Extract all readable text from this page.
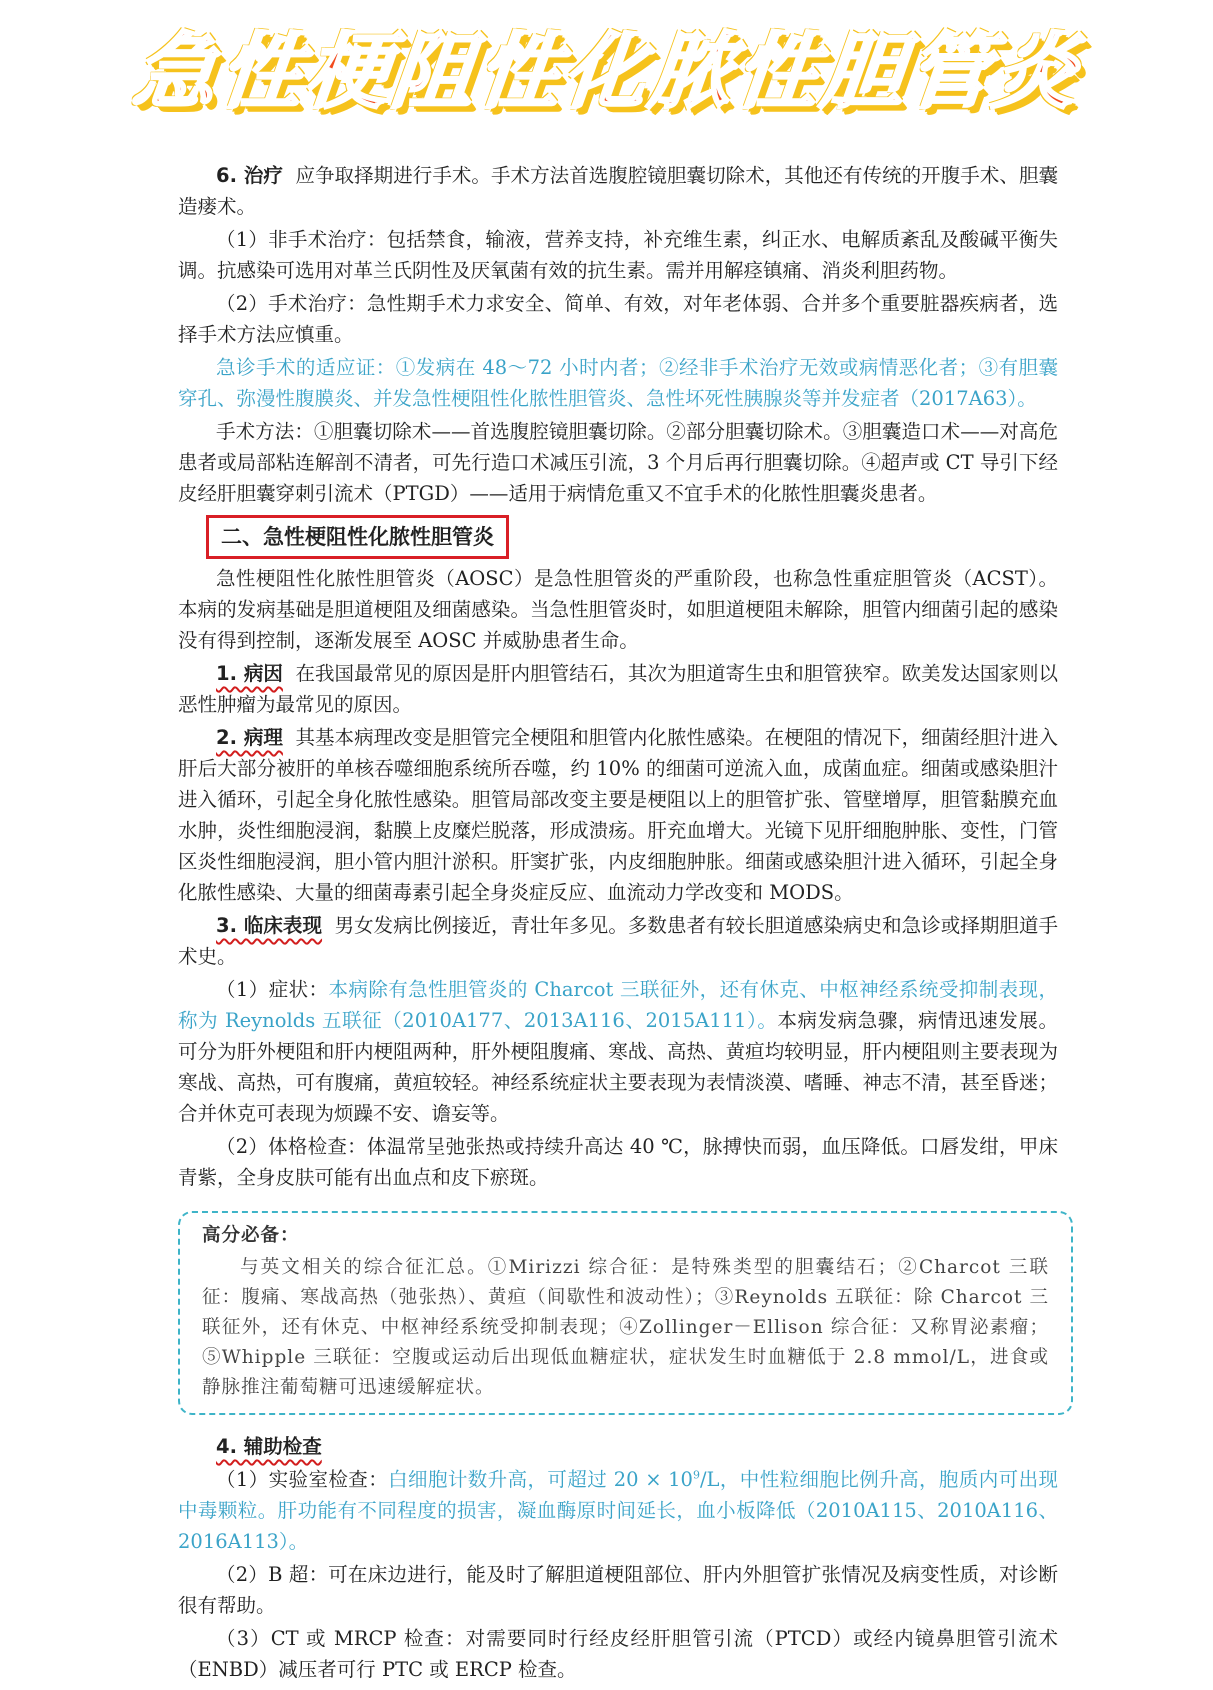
急性梗阻性化脓性胆管炎

6. 治疗 应争取择期进行手术。手术方法首选腹腔镜胆囊切除术，其他还有传统的开腹手术、胆囊造瘘术。

（1）非手术治疗：包括禁食，输液，营养支持，补充维生素，纠正水、电解质紊乱及酸碱平衡失调。抗感染可选用对革兰氏阴性及厌氧菌有效的抗生素。需并用解痉镇痛、消炎利胆药物。

（2）手术治疗：急性期手术力求安全、简单、有效，对年老体弱、合并多个重要脏器疾病者，选择手术方法应慎重。

急诊手术的适应证：①发病在 48～72 小时内者；②经非手术治疗无效或病情恶化者；③有胆囊穿孔、弥漫性腹膜炎、并发急性梗阻性化脓性胆管炎、急性坏死性胰腺炎等并发症者（2017A63）。

手术方法：①胆囊切除术——首选腹腔镜胆囊切除。②部分胆囊切除术。③胆囊造口术——对高危患者或局部粘连解剖不清者，可先行造口术减压引流，3 个月后再行胆囊切除。④超声或 CT 导引下经皮经肝胆囊穿刺引流术（PTGD）——适用于病情危重又不宜手术的化脓性胆囊炎患者。

二、急性梗阻性化脓性胆管炎

急性梗阻性化脓性胆管炎（AOSC）是急性胆管炎的严重阶段，也称急性重症胆管炎（ACST）。本病的发病基础是胆道梗阻及细菌感染。当急性胆管炎时，如胆道梗阻未解除，胆管内细菌引起的感染没有得到控制，逐渐发展至 AOSC 并威胁患者生命。

1. 病因 在我国最常见的原因是肝内胆管结石，其次为胆道寄生虫和胆管狭窄。欧美发达国家则以恶性肿瘤为最常见的原因。

2. 病理 其基本病理改变是胆管完全梗阻和胆管内化脓性感染。在梗阻的情况下，细菌经胆汁进入肝后大部分被肝的单核吞噬细胞系统所吞噬，约 10% 的细菌可逆流入血，成菌血症。细菌或感染胆汁进入循环，引起全身化脓性感染。胆管局部改变主要是梗阻以上的胆管扩张、管壁增厚，胆管黏膜充血水肿，炎性细胞浸润，黏膜上皮糜烂脱落，形成溃疡。肝充血增大。光镜下见肝细胞肿胀、变性，门管区炎性细胞浸润，胆小管内胆汁淤积。肝窦扩张，内皮细胞肿胀。细菌或感染胆汁进入循环，引起全身化脓性感染、大量的细菌毒素引起全身炎症反应、血流动力学改变和 MODS。

3. 临床表现 男女发病比例接近，青壮年多见。多数患者有较长胆道感染病史和急诊或择期胆道手术史。

（1）症状：本病除有急性胆管炎的 Charcot 三联征外，还有休克、中枢神经系统受抑制表现，称为 Reynolds 五联征（2010A177、2013A116、2015A111）。本病发病急骤，病情迅速发展。可分为肝外梗阻和肝内梗阻两种，肝外梗阻腹痛、寒战、高热、黄疸均较明显，肝内梗阻则主要表现为寒战、高热，可有腹痛，黄疸较轻。神经系统症状主要表现为表情淡漠、嗜睡、神志不清，甚至昏迷；合并休克可表现为烦躁不安、谵妄等。

（2）体格检查：体温常呈弛张热或持续升高达 40 ℃，脉搏快而弱，血压降低。口唇发绀，甲床青紫，全身皮肤可能有出血点和皮下瘀斑。

高分必备：
与英文相关的综合征汇总。①Mirizzi 综合征：是特殊类型的胆囊结石；②Charcot 三联征：腹痛、寒战高热（弛张热）、黄疸（间歇性和波动性）；③Reynolds 五联征：除 Charcot 三联征外，还有休克、中枢神经系统受抑制表现；④Zollinger－Ellison 综合征：又称胃泌素瘤；⑤Whipple 三联征：空腹或运动后出现低血糖症状，症状发生时血糖低于 2.8 mmol/L，进食或静脉推注葡萄糖可迅速缓解症状。

4. 辅助检查

（1）实验室检查：白细胞计数升高，可超过 $20 \times 10^9/L$，中性粒细胞比例升高，胞质内可出现中毒颗粒。肝功能有不同程度的损害，凝血酶原时间延长，血小板降低（2010A115、2010A116、2016A113）。

（2）B 超：可在床边进行，能及时了解胆道梗阻部位、肝内外胆管扩张情况及病变性质，对诊断很有帮助。

（3）CT 或 MRCP 检查：对需要同时行经皮经肝胆管引流（PTCD）或经内镜鼻胆管引流术（ENBD）减压者可行 PTC 或 ERCP 检查。
